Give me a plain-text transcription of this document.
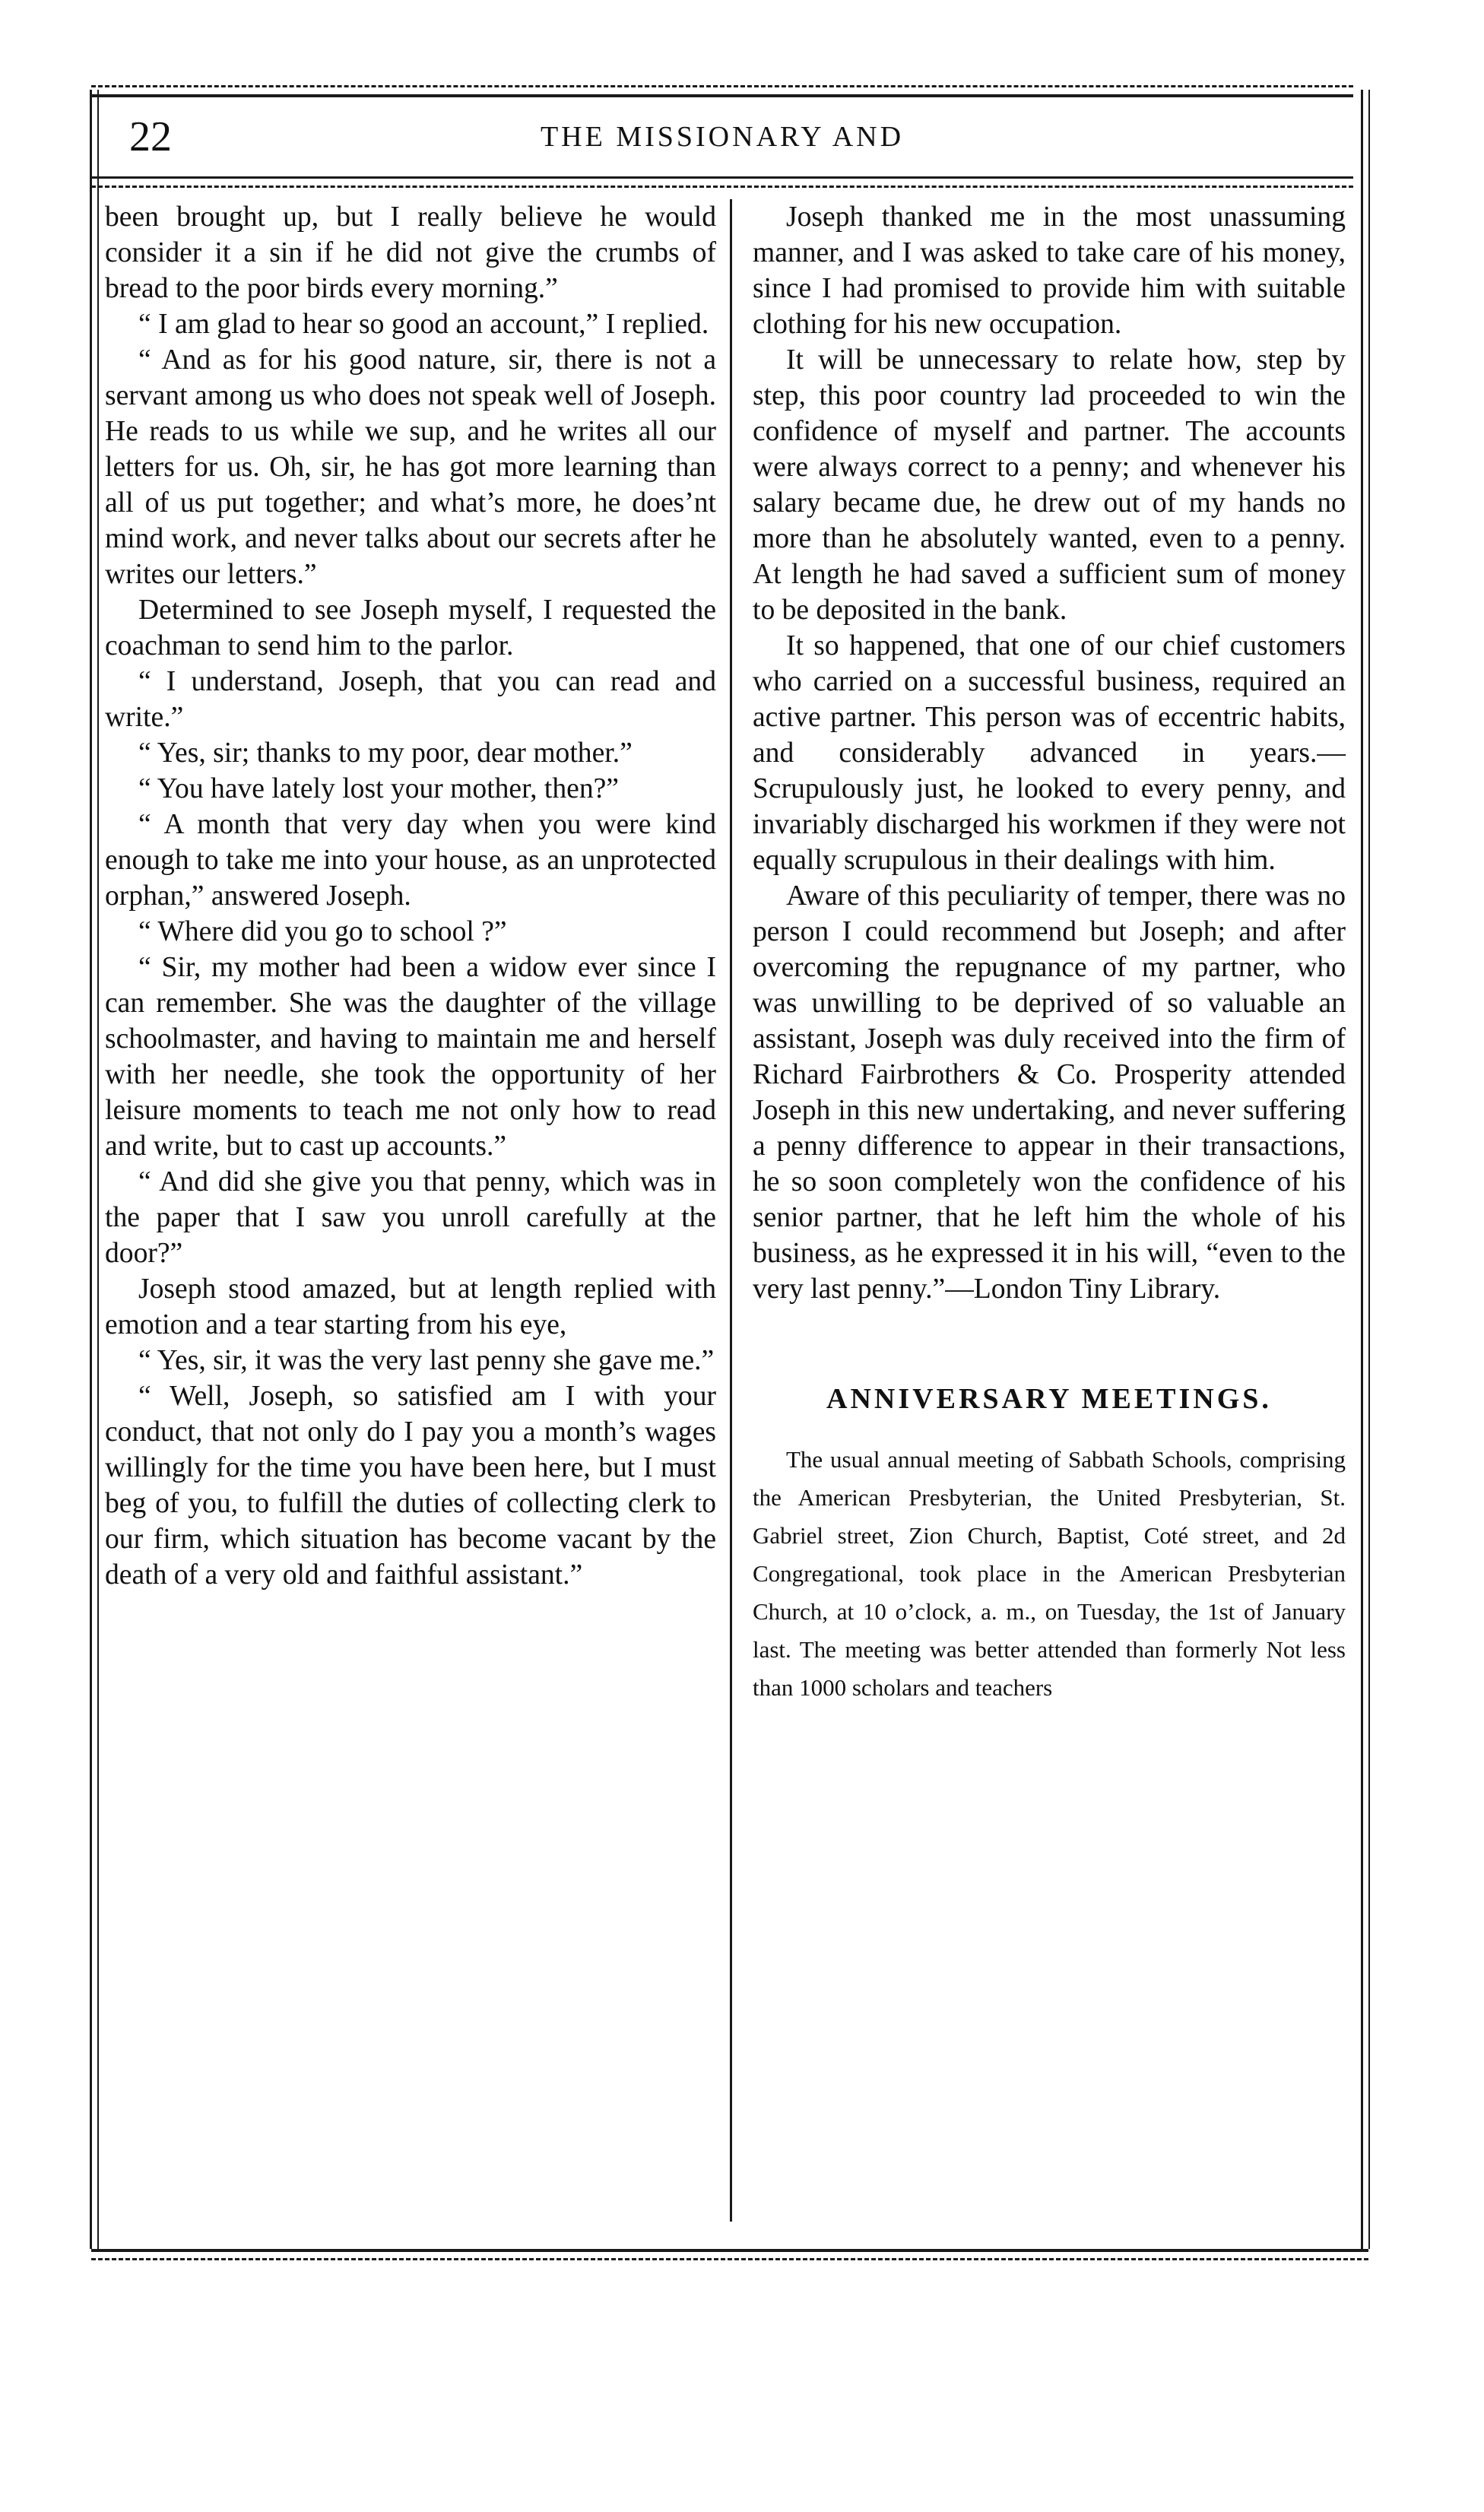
22	THE MISSIONARY AND

been brought up, but I really believe he would consider it a sin if he did not give the crumbs of bread to the poor birds every morning.”

“ I am glad to hear so good an account,” I replied.

“ And as for his good nature, sir, there is not a servant among us who does not speak well of Joseph. He reads to us while we sup, and he writes all our letters for us. Oh, sir, he has got more learning than all of us put together; and what’s more, he does’nt mind work, and never talks about our secrets after he writes our letters.”

Determined to see Joseph myself, I requested the coachman to send him to the parlor.

“ I understand, Joseph, that you can read and write.”

“ Yes, sir; thanks to my poor, dear mother.”

“ You have lately lost your mother, then?”

“ A month that very day when you were kind enough to take me into your house, as an unprotected orphan,” answered Joseph.

“ Where did you go to school ?”

“ Sir, my mother had been a widow ever since I can remember. She was the daughter of the village schoolmaster, and having to maintain me and herself with her needle, she took the opportunity of her leisure moments to teach me not only how to read and write, but to cast up accounts.”

“ And did she give you that penny, which was in the paper that I saw you unroll carefully at the door?”

Joseph stood amazed, but at length replied with emotion and a tear starting from his eye,

“ Yes, sir, it was the very last penny she gave me.”

“ Well, Joseph, so satisfied am I with your conduct, that not only do I pay you a month’s wages willingly for the time you have been here, but I must beg of you, to fulfill the duties of collecting clerk to our firm, which situation has become vacant by the death of a very old and faithful assistant.”

Joseph thanked me in the most unassuming manner, and I was asked to take care of his money, since I had promised to provide him with suitable clothing for his new occupation.

It will be unnecessary to relate how, step by step, this poor country lad proceeded to win the confidence of myself and partner. The accounts were always correct to a penny; and whenever his salary became due, he drew out of my hands no more than he absolutely wanted, even to a penny. At length he had saved a sufficient sum of money to be deposited in the bank.

It so happened, that one of our chief customers who carried on a successful business, required an active partner. This person was of eccentric habits, and considerably advanced in years.— Scrupulously just, he looked to every penny, and invariably discharged his workmen if they were not equally scrupulous in their dealings with him.

Aware of this peculiarity of temper, there was no person I could recommend but Joseph; and after overcoming the repugnance of my partner, who was unwilling to be deprived of so valuable an assistant, Joseph was duly received into the firm of Richard Fairbrothers & Co. Prosperity attended Joseph in this new undertaking, and never suffering a penny difference to appear in their transactions, he so soon completely won the confidence of his senior partner, that he left him the whole of his business, as he expressed it in his will, “even to the very last penny.”—London Tiny Library.

ANNIVERSARY MEETINGS.

The usual annual meeting of Sabbath Schools, comprising the American Presbyterian, the United Presbyterian, St. Gabriel street, Zion Church, Baptist, Coté street, and 2d Congregational, took place in the American Presbyterian Church, at 10 o’clock, a. m., on Tuesday, the 1st of January last. The meeting was better attended than formerly Not less than 1000 scholars and teachers
